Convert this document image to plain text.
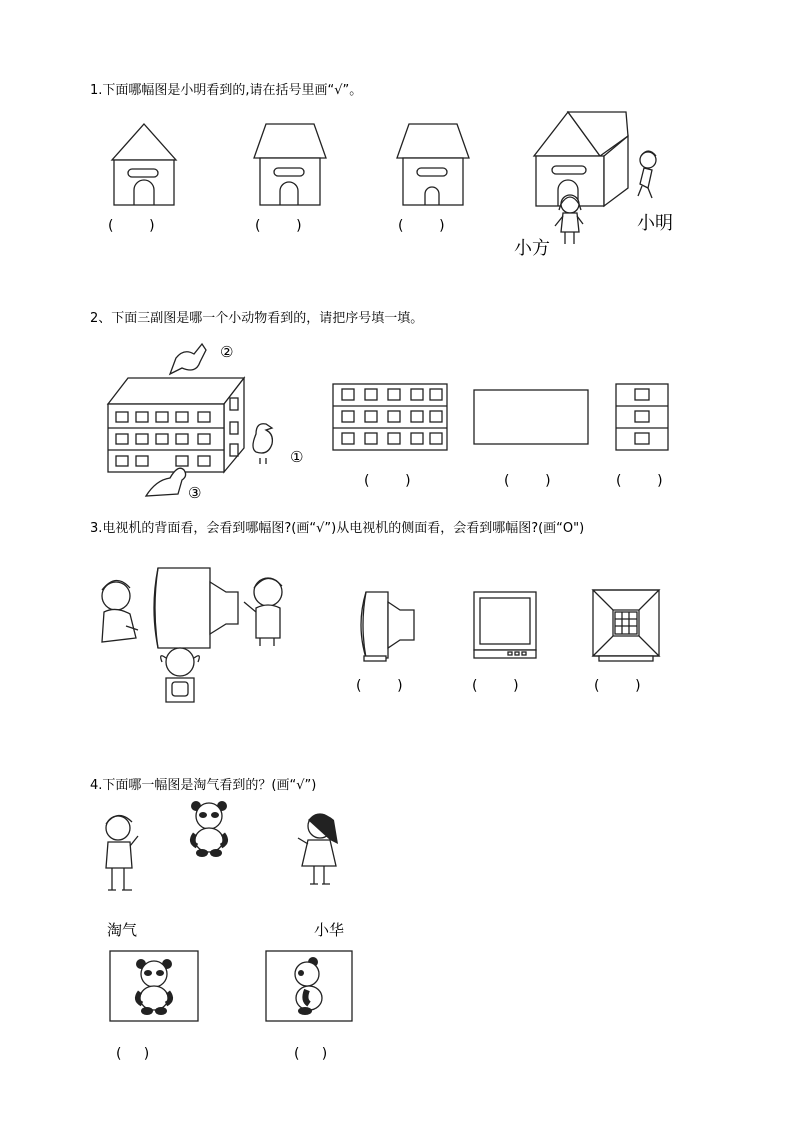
1.下面哪幅图是小明看到的,请在括号里画“√”。
(        )	(        )	(        )	小明
小方
2、下面三副图是哪一个小动物看到的，请把序号填一填。
②
①
③
(        )	(        )	(        )
3.电视机的背面看，会看到哪幅图?(画“√”)从电视机的侧面看，会看到哪幅图?(画“O")
(        )	(        )	(        )
4.下面哪一幅图是淘气看到的？(画“√”)
淘气	小华
(     )	(     )
